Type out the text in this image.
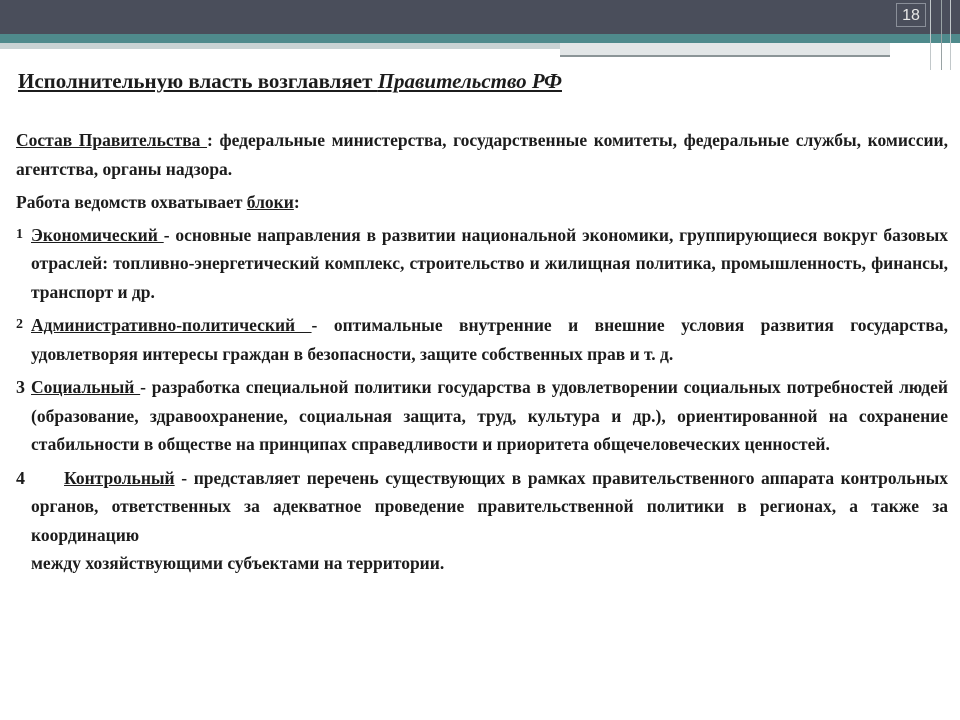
18
Исполнительную власть возглавляет Правительство РФ

Состав Правительства : федеральные министерства, государственные комитеты, федеральные службы, комиссии, агентства, органы надзора.

Работа ведомств охватывает блоки:

1 Экономический - основные направления в развитии национальной экономики, группирующиеся вокруг базовых отраслей: топливно-энергетический комплекс, строительство и жилищная политика, промышленность, финансы, транспорт и др.
2 Административно-политический - оптимальные внутренние и внешние условия развития государства, удовлетворяя интересы граждан в безопасности, защите собственных прав и т. д.
3 Социальный - разработка специальной политики государства в удовлетворении социальных потребностей людей (образование, здравоохранение, социальная защита, труд, культура и др.), ориентированной на сохранение стабильности в обществе на принципах справедливости и приоритета общечеловеческих ценностей.
4	Контрольный - представляет перечень существующих в рамках правительственного аппарата контрольных органов, ответственных за адекватное проведение правительственной политики в регионах, а также за координацию
между хозяйствующими субъектами на территории.
